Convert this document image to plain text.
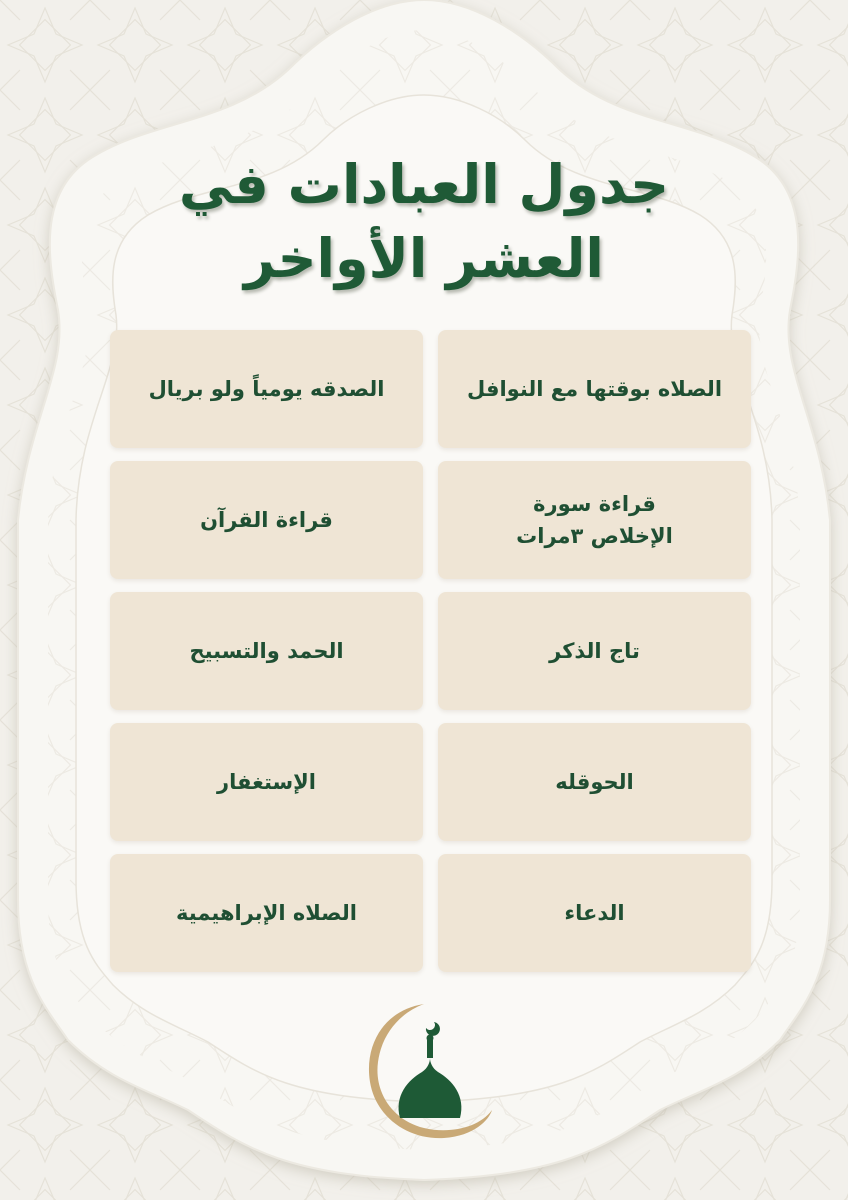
جدول العبادات في
العشر الأواخر
الصلاه بوقتها مع النوافل
الصدقه يومياً ولو بريال
قراءة سورة
الإخلاص ٣مرات
قراءة القرآن
تاج الذكر
الحمد والتسبيح
الحوقله
الإستغفار
الدعاء
الصلاه الإبراهيمية
